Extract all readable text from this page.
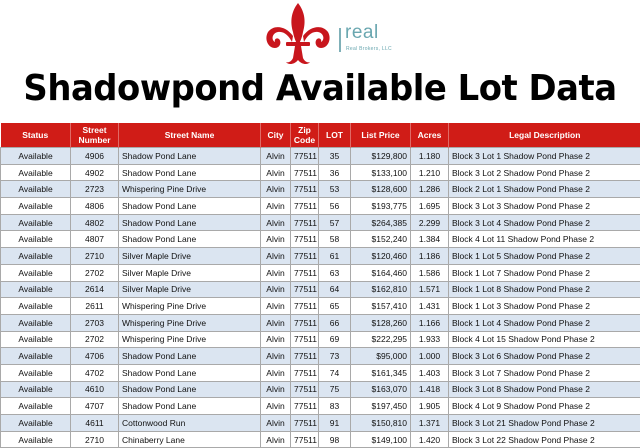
real
Real Brokers, LLC
Shadowpond Available Lot Data
Status	Street Number	Street Name	City	Zip Code	LOT	List Price	Acres	Legal Description
Available	4906	Shadow Pond Lane	Alvin	77511	35	$129,800	1.180	Block 3 Lot 1 Shadow Pond Phase 2
Available	4902	Shadow Pond Lane	Alvin	77511	36	$133,100	1.210	Block 3 Lot 2 Shadow Pond Phase 2
Available	2723	Whispering Pine Drive	Alvin	77511	53	$128,600	1.286	Block 2 Lot 1 Shadow Pond Phase 2
Available	4806	Shadow Pond Lane	Alvin	77511	56	$193,775	1.695	Block 3 Lot 3 Shadow Pond Phase 2
Available	4802	Shadow Pond Lane	Alvin	77511	57	$264,385	2.299	Block 3 Lot 4 Shadow Pond Phase 2
Available	4807	Shadow Pond Lane	Alvin	77511	58	$152,240	1.384	Block 4 Lot 11 Shadow Pond Phase 2
Available	2710	Silver Maple Drive	Alvin	77511	61	$120,460	1.186	Block 1 Lot 5 Shadow Pond Phase 2
Available	2702	Silver Maple Drive	Alvin	77511	63	$164,460	1.586	Block 1 Lot 7 Shadow Pond Phase 2
Available	2614	Silver Maple Drive	Alvin	77511	64	$162,810	1.571	Block 1 Lot 8 Shadow Pond Phase 2
Available	2611	Whispering Pine Drive	Alvin	77511	65	$157,410	1.431	Block 1 Lot 3 Shadow Pond Phase 2
Available	2703	Whispering Pine Drive	Alvin	77511	66	$128,260	1.166	Block 1 Lot 4 Shadow Pond Phase 2
Available	2702	Whispering Pine Drive	Alvin	77511	69	$222,295	1.933	Block 4 Lot 15 Shadow Pond Phase 2
Available	4706	Shadow Pond Lane	Alvin	77511	73	$95,000	1.000	Block 3 Lot 6 Shadow Pond Phase 2
Available	4702	Shadow Pond Lane	Alvin	77511	74	$161,345	1.403	Block 3 Lot 7 Shadow Pond Phase 2
Available	4610	Shadow Pond Lane	Alvin	77511	75	$163,070	1.418	Block 3 Lot 8 Shadow Pond Phase 2
Available	4707	Shadow Pond Lane	Alvin	77511	83	$197,450	1.905	Block 4 Lot 9 Shadow Pond Phase 2
Available	4611	Cottonwood Run	Alvin	77511	91	$150,810	1.371	Block 3 Lot 21 Shadow Pond Phase 2
Available	2710	Chinaberry Lane	Alvin	77511	98	$149,100	1.420	Block 3 Lot 22 Shadow Pond Phase 2
